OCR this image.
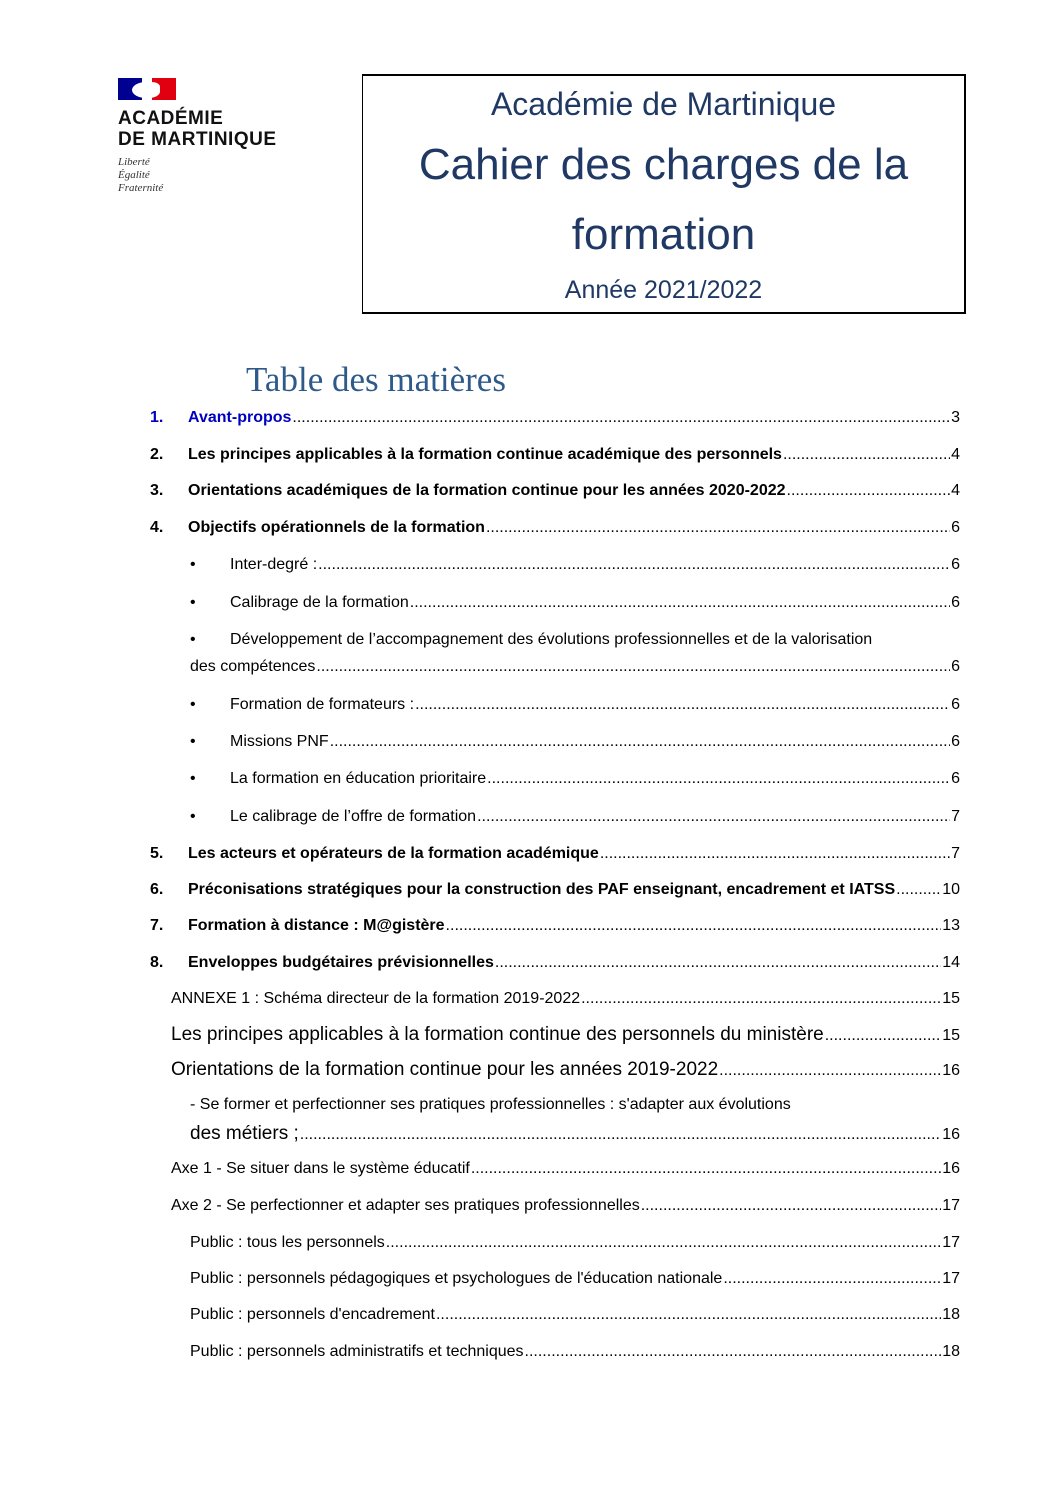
ACADÉMIE
DE MARTINIQUE
Liberté
Égalité
Fraternité
Académie de Martinique
Cahier des charges de la
formation
Année 2021/2022
Table des matières
1.	Avant-propos .....	3
2.	Les principes applicables à la formation continue académique des personnels .....	4
3.	Orientations académiques de la formation continue pour les années 2020-2022 .....	4
4.	Objectifs opérationnels de la formation .....	6
•	Inter-degré : .....	6
•	Calibrage de la formation .....	6
• Développement de l’accompagnement des évolutions professionnelles et de la valorisation
des compétences .....	6
•	Formation de formateurs : .....	6
•	Missions PNF .....	6
•	La formation en éducation prioritaire .....	6
•	Le calibrage de l’offre de formation .....	7
5.	Les acteurs et opérateurs de la formation académique .....	7
6.	Préconisations stratégiques pour la construction des PAF enseignant, encadrement et IATSS .....	10
7.	Formation à distance : M@gistère .....	13
8.	Enveloppes budgétaires prévisionnelles .....	14
ANNEXE 1 : Schéma directeur de la formation 2019-2022 .....	15
Les principes applicables à la formation continue des personnels du ministère .....	15
Orientations de la formation continue pour les années 2019-2022 .....	16
- Se former et perfectionner ses pratiques professionnelles : s'adapter aux évolutions
des métiers ; .....	16
Axe 1 - Se situer dans le système éducatif .....	16
Axe 2 - Se perfectionner et adapter ses pratiques professionnelles .....	17
Public : tous les personnels .....	17
Public : personnels pédagogiques et psychologues de l'éducation nationale .....	17
Public : personnels d'encadrement .....	18
Public : personnels administratifs et techniques .....	18
